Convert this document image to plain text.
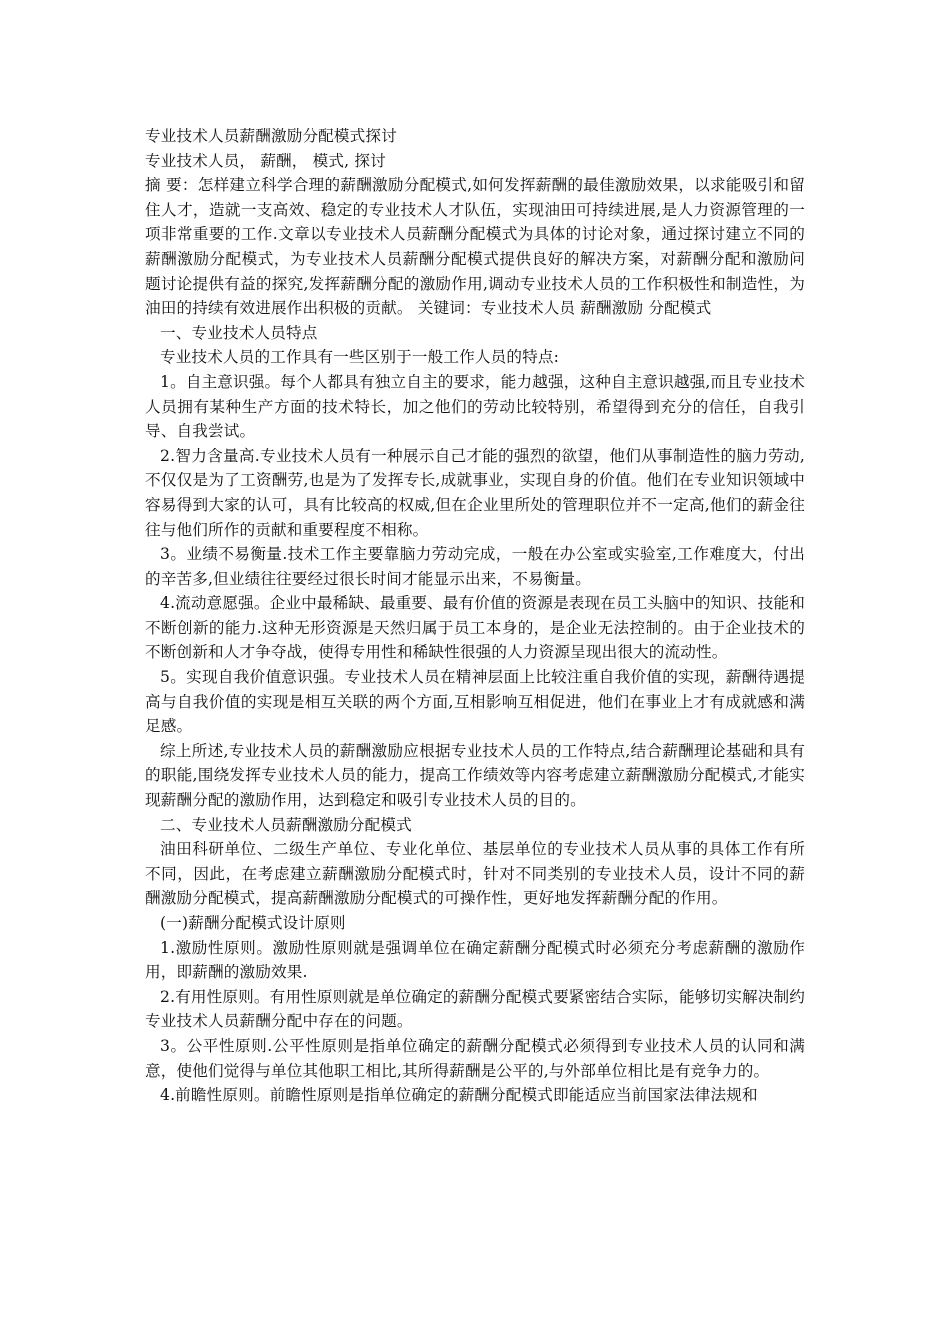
专业技术人员薪酬激励分配模式探讨

专业技术人员， 薪酬， 模式, 探讨

摘 要：怎样建立科学合理的薪酬激励分配模式,如何发挥薪酬的最佳激励效果，以求能吸引和留住人才，造就一支高效、稳定的专业技术人才队伍，实现油田可持续进展,是人力资源管理的一项非常重要的工作.文章以专业技术人员薪酬分配模式为具体的讨论对象，通过探讨建立不同的薪酬激励分配模式，为专业技术人员薪酬分配模式提供良好的解决方案，对薪酬分配和激励问题讨论提供有益的探究,发挥薪酬分配的激励作用,调动专业技术人员的工作积极性和制造性，为油田的持续有效进展作出积极的贡献。 关键词：专业技术人员 薪酬激励 分配模式

一、专业技术人员特点

专业技术人员的工作具有一些区别于一般工作人员的特点:

1。自主意识强。每个人都具有独立自主的要求，能力越强，这种自主意识越强,而且专业技术人员拥有某种生产方面的技术特长，加之他们的劳动比较特别，希望得到充分的信任，自我引导、自我尝试。

2.智力含量高.专业技术人员有一种展示自己才能的强烈的欲望，他们从事制造性的脑力劳动,不仅仅是为了工资酬劳,也是为了发挥专长,成就事业，实现自身的价值。他们在专业知识领域中容易得到大家的认可，具有比较高的权威,但在企业里所处的管理职位并不一定高,他们的薪金往往与他们所作的贡献和重要程度不相称。

3。业绩不易衡量.技术工作主要靠脑力劳动完成，一般在办公室或实验室,工作难度大，付出的辛苦多,但业绩往往要经过很长时间才能显示出来，不易衡量。

4.流动意愿强。企业中最稀缺、最重要、最有价值的资源是表现在员工头脑中的知识、技能和不断创新的能力.这种无形资源是天然归属于员工本身的，是企业无法控制的。由于企业技术的不断创新和人才争夺战，使得专用性和稀缺性很强的人力资源呈现出很大的流动性。

5。实现自我价值意识强。专业技术人员在精神层面上比较注重自我价值的实现，薪酬待遇提高与自我价值的实现是相互关联的两个方面,互相影响互相促进，他们在事业上才有成就感和满足感。

综上所述,专业技术人员的薪酬激励应根据专业技术人员的工作特点,结合薪酬理论基础和具有的职能,围绕发挥专业技术人员的能力，提高工作绩效等内容考虑建立薪酬激励分配模式,才能实现薪酬分配的激励作用，达到稳定和吸引专业技术人员的目的。

二、专业技术人员薪酬激励分配模式

油田科研单位、二级生产单位、专业化单位、基层单位的专业技术人员从事的具体工作有所不同，因此，在考虑建立薪酬激励分配模式时，针对不同类别的专业技术人员，设计不同的薪酬激励分配模式，提高薪酬激励分配模式的可操作性，更好地发挥薪酬分配的作用。

(一)薪酬分配模式设计原则

1.激励性原则。激励性原则就是强调单位在确定薪酬分配模式时必须充分考虑薪酬的激励作用，即薪酬的激励效果.

2.有用性原则。有用性原则就是单位确定的薪酬分配模式要紧密结合实际，能够切实解决制约专业技术人员薪酬分配中存在的问题。

3。公平性原则.公平性原则是指单位确定的薪酬分配模式必须得到专业技术人员的认同和满意，使他们觉得与单位其他职工相比,其所得薪酬是公平的,与外部单位相比是有竞争力的。

4.前瞻性原则。前瞻性原则是指单位确定的薪酬分配模式即能适应当前国家法律法规和
